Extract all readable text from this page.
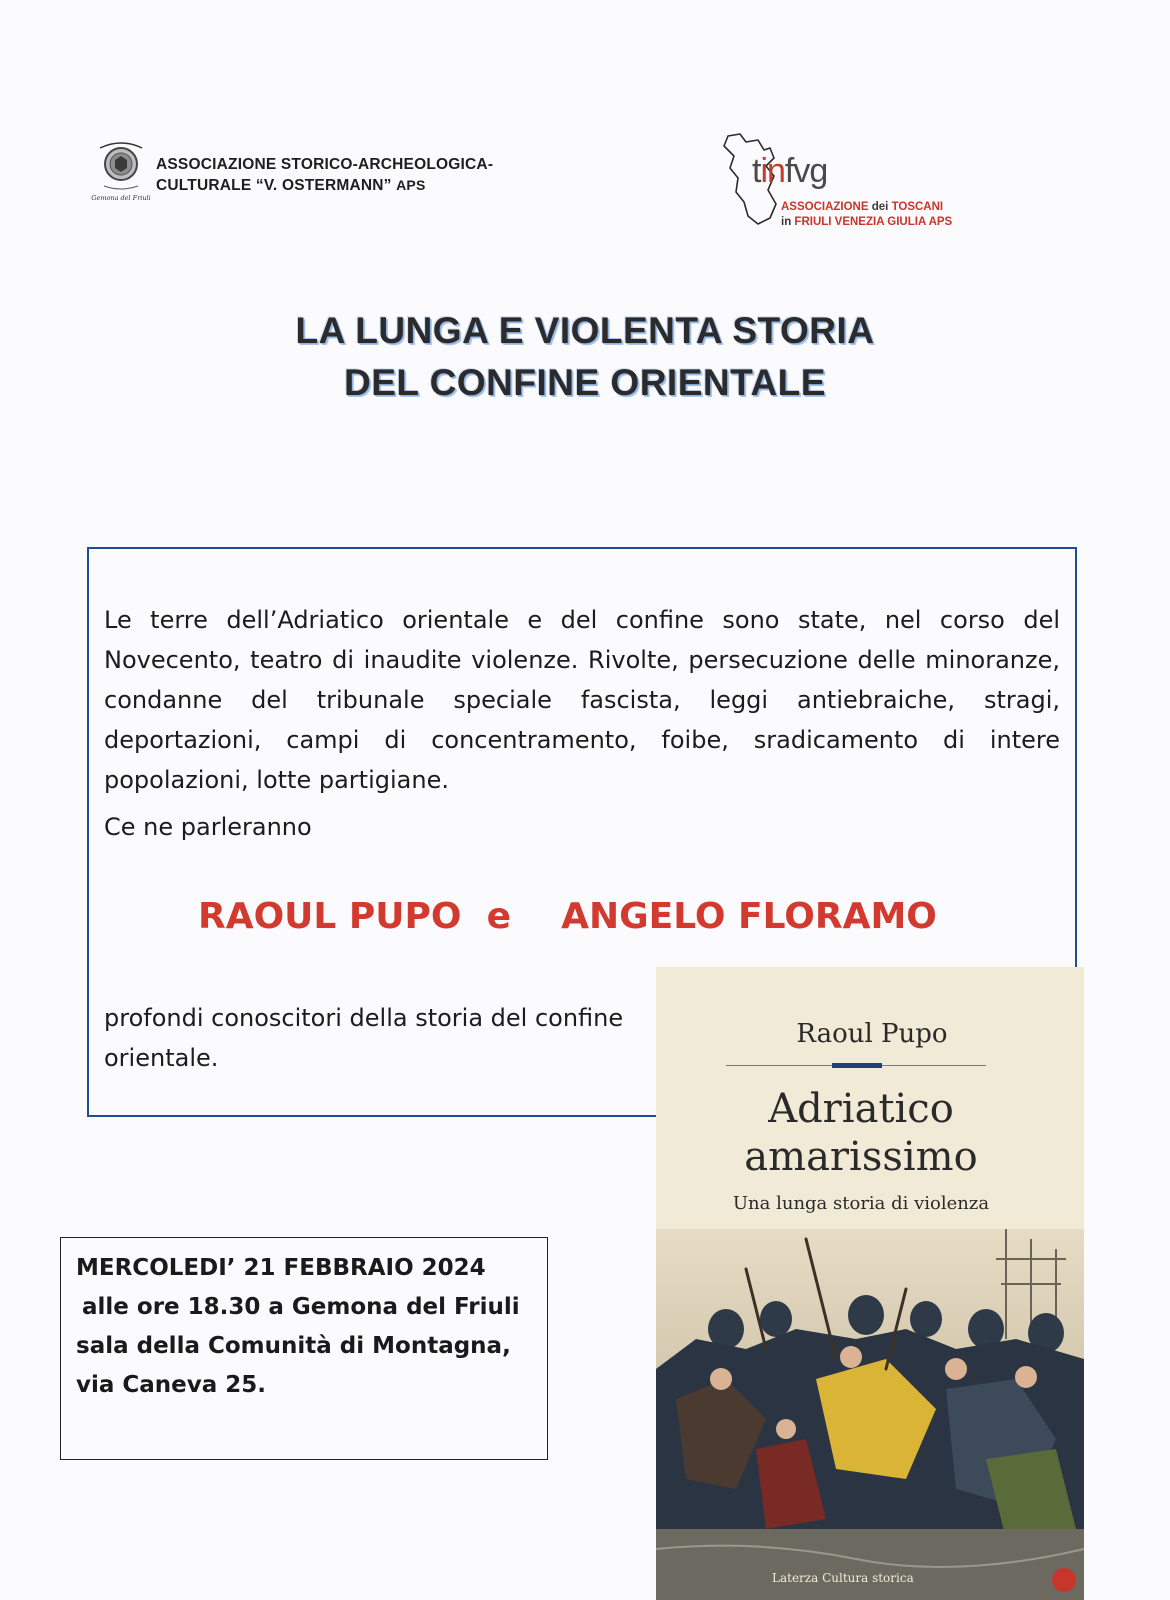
Gemona del Friuli
ASSOCIAZIONE STORICO-ARCHEOLOGICA-
CULTURALE “V. OSTERMANN” APS	tinfvg
ASSOCIAZIONE dei TOSCANI
in FRIULI VENEZIA GIULIA APS
LA LUNGA E VIOLENTA STORIA
DEL CONFINE ORIENTALE

Le terre dell’Adriatico orientale e del confine sono state, nel corso del Novecento, teatro di inaudite violenze. Rivolte, persecuzione delle minoranze, condanne del tribunale speciale fascista, leggi antiebraiche, stragi, deportazioni, campi di concentramento, foibe, sradicamento di intere popolazioni, lotte partigiane.

Ce ne parleranno
RAOUL PUPO  e    ANGELO FLORAMO

profondi conoscitori della storia del confine orientale.

MERCOLEDI’ 21 FEBBRAIO 2024
alle ore 18.30 a Gemona del Friuli
sala della Comunità di Montagna,
via Caneva 25.
Raoul Pupo
Adriatico
amarissimo
Una lunga storia di violenza
Laterza Cultura storica
